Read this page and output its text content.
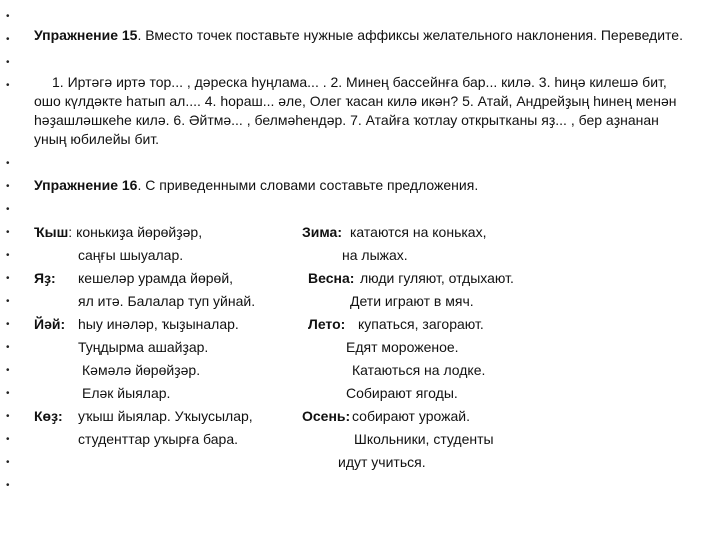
•
•
•
•
•
•
•
•
•
•
•
•
•
•
•
•
•
•
•
Упражнение 15. Вместо точек поставьте нужные аффиксы желательного наклонения. Переведите.
1. Иртәгә иртә тор... , дәреска һуңлама... . 2. Минең бассейнға бар... килә. 3. һиңә килешә бит,
ошо күлдәкте һатып ал.... 4. һораш... әле, Олег ҡасан килә икән? 5. Атай, Андрейҙың һинең менән
һәҙашләшкеһе килә. 6. Әйтмә... , белмәһендәр. 7. Атайға ҡотлау открытканы яҙ... , бер аҙнанан
уның юбилейы бит.
Упражнение 16. С приведенными словами составьте предложения.
Ҡыш: конькиҙа йөрөйҙәр,
саңғы шыуалар.
Яҙ: кешеләр урамда йөрөй,
ял итә. Балалар туп уйнай.
Йәй: һыу инәләр, ҡыҙыналар.
Туңдырма ашайҙар.
Кәмәлә йөрөйҙәр.
Еләк йыялар.
Көҙ: уҡыш йыялар. Уҡыусылар,
студенттар уҡырға бара.
Зима: катаются на коньках,
на лыжах.
Весна: люди гуляют, отдыхают.
Дети играют в мяч.
Лето: купаться, загорают.
Едят мороженое.
Катаються на лодке.
Собирают ягоды.
Осень: собирают урожай.
Школьники, студенты
идут учиться.
